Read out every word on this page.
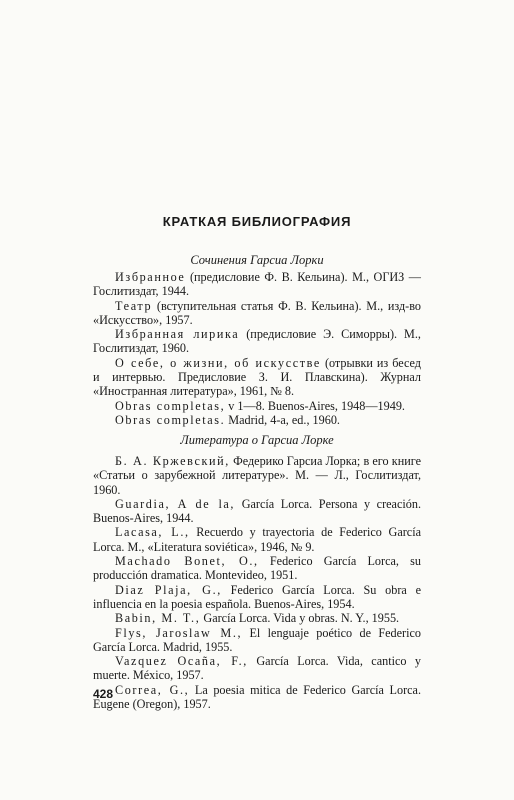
КРАТКАЯ БИБЛИОГРАФИЯ
Сочинения Гарсиа Лорки

Избранное (предисловие Ф. В. Кельина). М., ОГИЗ — Гослитиздат, 1944.

Театр (вступительная статья Ф. В. Кельина). М., изд-во «Искусство», 1957.

Избранная лирика (предисловие Э. Симорры). М., Гослитиздат, 1960.

О себе, о жизни, об искусстве (отрывки из бесед и интервью. Предисловие З. И. Плавскина). Журнал «Иностранная литература», 1961, № 8.

Obras completas, v 1—8. Buenos-Aires, 1948—1949.

Obras completas. Madrid, 4-a, ed., 1960.

Литература о Гарсиа Лорке

Б. А. Кржевский, Федерико Гарсиа Лорка; в его книге «Статьи о зарубежной литературе». М. — Л., Гослитиздат, 1960.

Guardia, A de la, García Lorca. Persona y creación. Buenos-Aires, 1944.

Lacasa, L., Recuerdo y trayectoria de Federico García Lorca. М., «Literatura soviética», 1946, № 9.

Machado Bonet, O., Federico García Lorca, su producción dramatica. Montevideo, 1951.

Diaz Plaja, G., Federico García Lorca. Su obra e influencia en la poesia española. Buenos-Aires, 1954.

Babin, M. T., García Lorca. Vida y obras. N. Y., 1955.

Flys, Jaroslaw M., El lenguaje poético de Federico García Lorca. Madrid, 1955.

Vazquez Ocaña, F., García Lorca. Vida, cantico y muerte. México, 1957.

Correa, G., La poesia mitica de Federico García Lorca. Eugene (Oregon), 1957.

428
